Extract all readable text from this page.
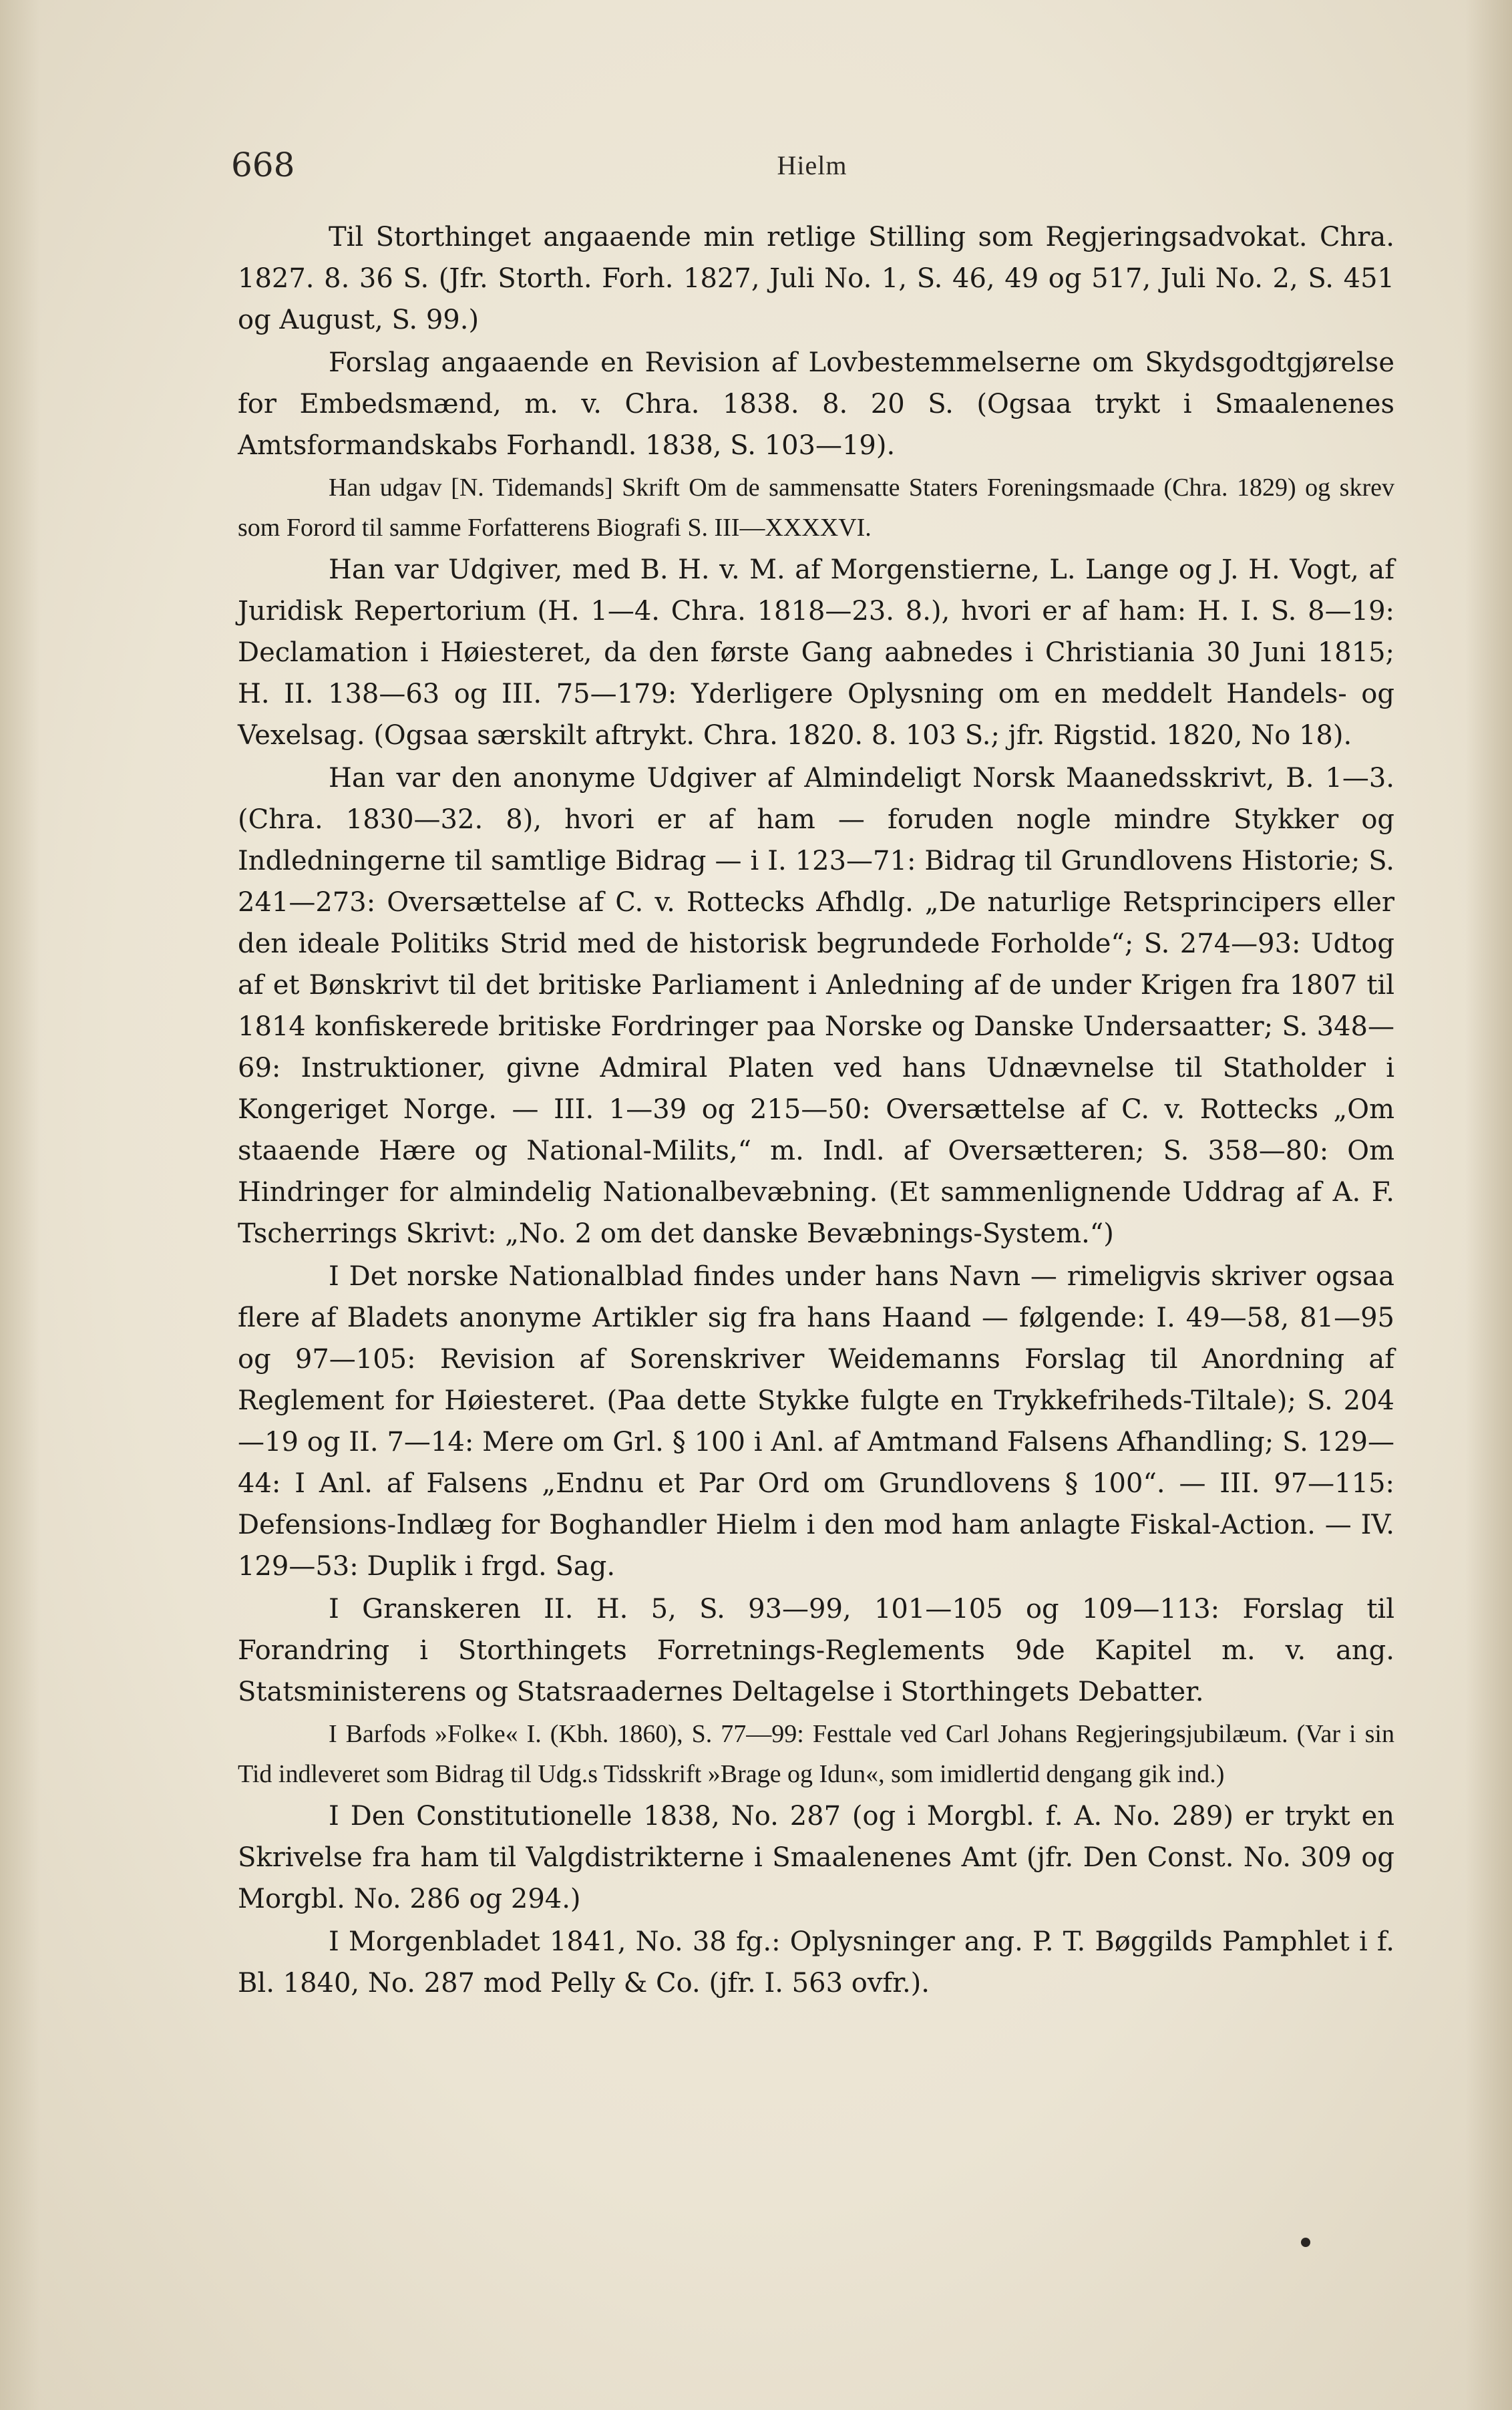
668	Hielm

Til Storthinget angaaende min retlige Stilling som Regjeringsadvokat. Chra. 1827. 8. 36 S. (Jfr. Storth. Forh. 1827, Juli No. 1, S. 46, 49 og 517, Juli No. 2, S. 451 og August, S. 99.)

Forslag angaaende en Revision af Lovbestemmelserne om Skydsgodtgjørelse for Embedsmænd, m. v. Chra. 1838. 8. 20 S. (Ogsaa trykt i Smaalenenes Amtsformandskabs Forhandl. 1838, S. 103—19).

Han udgav [N. Tidemands] Skrift Om de sammensatte Staters Foreningsmaade (Chra. 1829) og skrev som Forord til samme Forfatterens Biografi S. III—XXXXVI.

Han var Udgiver, med B. H. v. M. af Morgenstierne, L. Lange og J. H. Vogt, af Juridisk Repertorium (H. 1—4. Chra. 1818—23. 8.), hvori er af ham: H. I. S. 8—19: Declamation i Høiesteret, da den første Gang aabnedes i Christiania 30 Juni 1815; H. II. 138—63 og III. 75—179: Yderligere Oplysning om en meddelt Handels- og Vexelsag. (Ogsaa særskilt aftrykt. Chra. 1820. 8. 103 S.; jfr. Rigstid. 1820, No 18).

Han var den anonyme Udgiver af Almindeligt Norsk Maanedsskrivt, B. 1—3. (Chra. 1830—32. 8), hvori er af ham — foruden nogle mindre Stykker og Indledningerne til samtlige Bidrag — i I. 123—71: Bidrag til Grundlovens Historie; S. 241—273: Oversættelse af C. v. Rottecks Afhdlg. „De naturlige Retsprincipers eller den ideale Politiks Strid med de historisk begrundede Forholde“; S. 274—93: Udtog af et Bønskrivt til det britiske Parliament i Anledning af de under Krigen fra 1807 til 1814 konfiskerede britiske Fordringer paa Norske og Danske Undersaatter; S. 348—69: Instruktioner, givne Admiral Platen ved hans Udnævnelse til Statholder i Kongeriget Norge. — III. 1—39 og 215—50: Oversættelse af C. v. Rottecks „Om staaende Hære og National-Milits,“ m. Indl. af Oversætteren; S. 358—80: Om Hindringer for almindelig Nationalbevæbning. (Et sammenlignende Uddrag af A. F. Tscherrings Skrivt: „No. 2 om det danske Bevæbnings-System.“)

I Det norske Nationalblad findes under hans Navn — rimeligvis skriver ogsaa flere af Bladets anonyme Artikler sig fra hans Haand — følgende: I. 49—58, 81—95 og 97—105: Revision af Sorenskriver Weidemanns Forslag til Anordning af Reglement for Høiesteret. (Paa dette Stykke fulgte en Trykkefriheds-Tiltale); S. 204—19 og II. 7—14: Mere om Grl. § 100 i Anl. af Amtmand Falsens Afhandling; S. 129—44: I Anl. af Falsens „Endnu et Par Ord om Grundlovens § 100“. — III. 97—115: Defensions-Indlæg for Boghandler Hielm i den mod ham anlagte Fiskal-Action. — IV. 129—53: Duplik i frgd. Sag.

I Granskeren II. H. 5, S. 93—99, 101—105 og 109—113: Forslag til Forandring i Storthingets Forretnings-Reglements 9de Kapitel m. v. ang. Statsministerens og Statsraadernes Deltagelse i Storthingets Debatter.

I Barfods »Folke« I. (Kbh. 1860), S. 77—99: Festtale ved Carl Johans Regjeringsjubilæum. (Var i sin Tid indleveret som Bidrag til Udg.s Tidsskrift »Brage og Idun«, som imidlertid dengang gik ind.)

I Den Constitutionelle 1838, No. 287 (og i Morgbl. f. A. No. 289) er trykt en Skrivelse fra ham til Valgdistrikterne i Smaalenenes Amt (jfr. Den Const. No. 309 og Morgbl. No. 286 og 294.)

I Morgenbladet 1841, No. 38 fg.: Oplysninger ang. P. T. Bøggilds Pamphlet i f. Bl. 1840, No. 287 mod Pelly & Co. (jfr. I. 563 ovfr.).
